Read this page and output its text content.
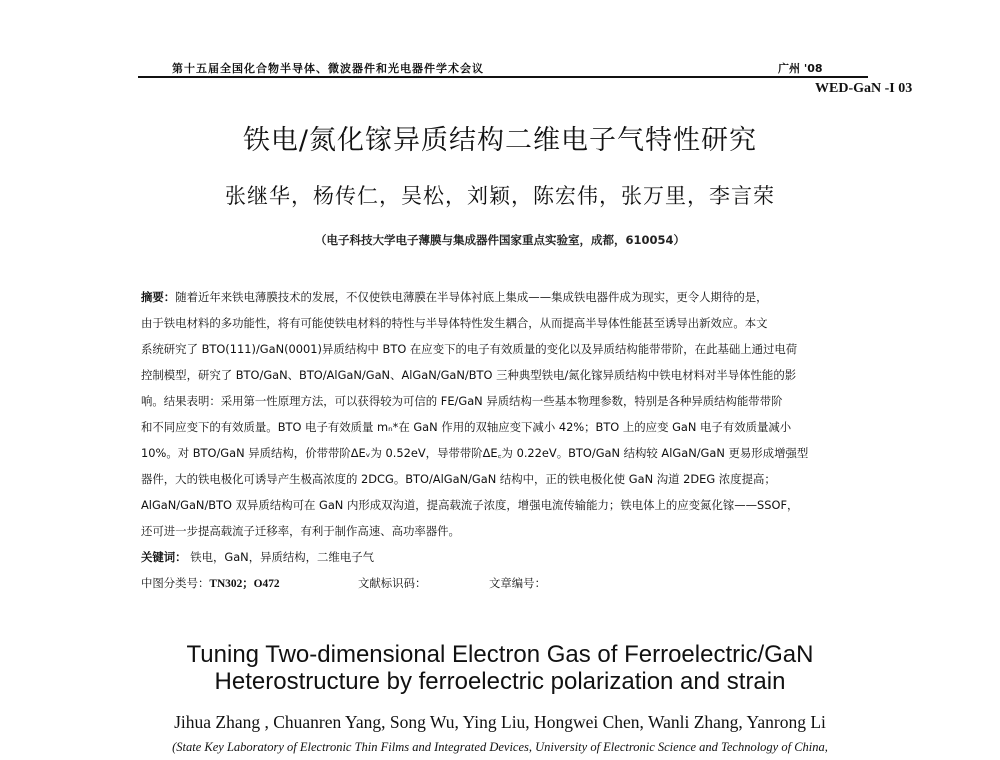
第十五届全国化合物半导体、微波器件和光电器件学术会议	广州 '08
WED-GaN -I 03
铁电/氮化镓异质结构二维电子气特性研究
张继华，杨传仁，吴松，刘颖，陈宏伟，张万里，李言荣
（电子科技大学电子薄膜与集成器件国家重点实验室，成都，610054）
摘要：随着近年来铁电薄膜技术的发展，不仅使铁电薄膜在半导体衬底上集成——集成铁电器件成为现实，更令人期待的是，
由于铁电材料的多功能性，将有可能使铁电材料的特性与半导体特性发生耦合，从而提高半导体性能甚至诱导出新效应。本文
系统研究了 BTO(111)/GaN(0001)异质结构中 BTO 在应变下的电子有效质量的变化以及异质结构能带带阶，在此基础上通过电荷
控制模型，研究了 BTO/GaN、BTO/AlGaN/GaN、AlGaN/GaN/BTO 三种典型铁电/氮化镓异质结构中铁电材料对半导体性能的影
响。结果表明：采用第一性原理方法，可以获得较为可信的 FE/GaN 异质结构一些基本物理参数，特别是各种异质结构能带带阶
和不同应变下的有效质量。BTO 电子有效质量 mₙ*在 GaN 作用的双轴应变下减小 42%；BTO 上的应变 GaN 电子有效质量减小
10%。对 BTO/GaN 异质结构，价带带阶ΔEᵥ为 0.52eV，导带带阶ΔE꜀为 0.22eV。BTO/GaN 结构较 AlGaN/GaN 更易形成增强型
器件，大的铁电极化可诱导产生极高浓度的 2DCG。BTO/AlGaN/GaN 结构中，正的铁电极化使 GaN 沟道 2DEG 浓度提高；
AlGaN/GaN/BTO 双异质结构可在 GaN 内形成双沟道，提高载流子浓度，增强电流传输能力；铁电体上的应变氮化镓——SSOF，
还可进一步提高载流子迁移率，有利于制作高速、高功率器件。
关键词： 铁电，GaN，异质结构，二维电子气
中图分类号：TN302；O472	文献标识码：	文章编号：
Tuning Two-dimensional Electron Gas of Ferroelectric/GaN
Heterostructure by ferroelectric polarization and strain
Jihua Zhang , Chuanren Yang, Song Wu, Ying Liu, Hongwei Chen, Wanli Zhang, Yanrong Li
(State Key Laboratory of Electronic Thin Films and Integrated Devices, University of Electronic Science and Technology of China,
